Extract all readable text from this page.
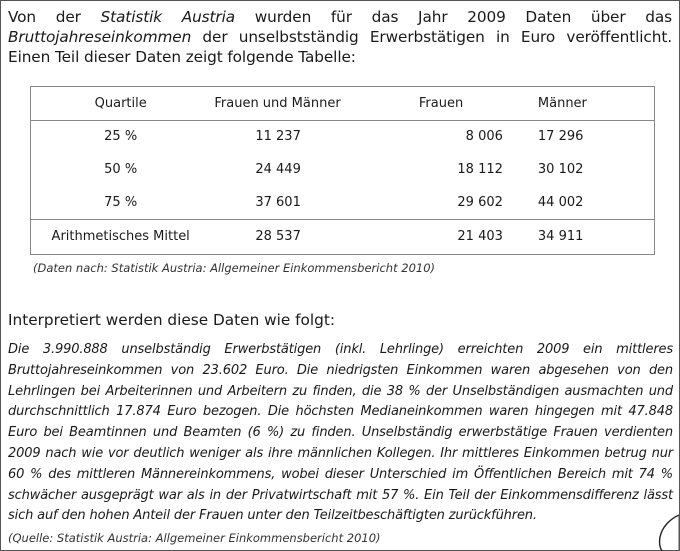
Von der Statistik Austria wurden für das Jahr 2009 Daten über das Bruttojahreseinkommen der unselbstständig Erwerbstätigen in Euro veröffentlicht. Einen Teil dieser Daten zeigt folgende Tabelle:

Quartile	Frauen und Männer	Frauen	Männer
25 %	11 237	8 006	17 296
50 %	24 449	18 112	30 102
75 %	37 601	29 602	44 002
Arithmetisches Mittel	28 537	21 403	34 911
(Daten nach: Statistik Austria: Allgemeiner Einkommensbericht 2010)
Interpretiert werden diese Daten wie folgt:

Die 3.990.888 unselbständig Erwerbstätigen (inkl. Lehrlinge) erreichten 2009 ein mittleres Bruttojahreseinkommen von 23.602 Euro. Die niedrigsten Einkommen waren abgesehen von den Lehrlingen bei Arbeiterinnen und Arbeitern zu finden, die 38 % der Unselbständigen ausmachten und durchschnittlich 17.874 Euro bezogen. Die höchsten Medianeinkommen waren hingegen mit 47.848 Euro bei Beamtinnen und Beamten (6 %) zu finden. Unselbständig erwerbstätige Frauen verdienten 2009 nach wie vor deutlich weniger als ihre männlichen Kollegen. Ihr mittleres Einkommen betrug nur 60 % des mittleren Männereinkommens, wobei dieser Unterschied im Öffentlichen Bereich mit 74 % schwächer ausgeprägt war als in der Privatwirtschaft mit 57 %. Ein Teil der Einkommensdifferenz lässt sich auf den hohen Anteil der Frauen unter den Teilzeitbeschäftigten zurückführen.

(Quelle: Statistik Austria: Allgemeiner Einkommensbericht 2010)
